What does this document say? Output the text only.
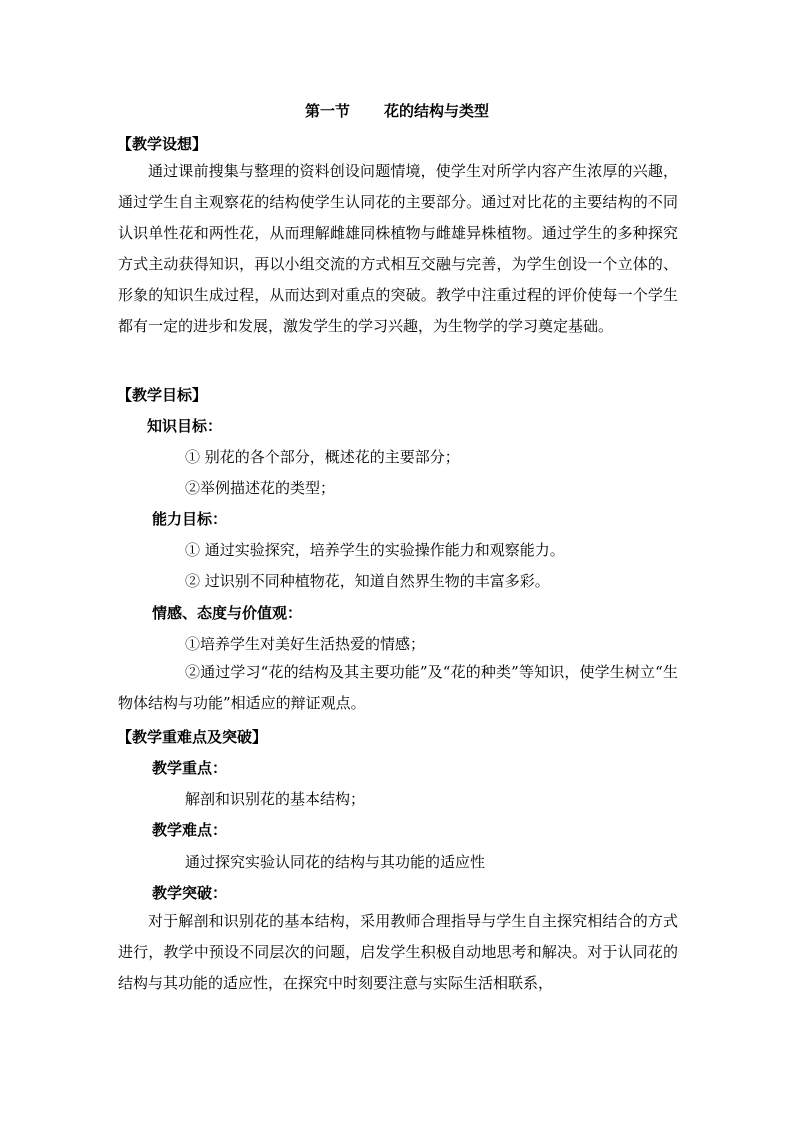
第一节 花的结构与类型
【教学设想】
通过课前搜集与整理的资料创设问题情境，使学生对所学内容产生浓厚的兴趣，通过学生自主观察花的结构使学生认同花的主要部分。通过对比花的主要结构的不同认识单性花和两性花，从而理解雌雄同株植物与雌雄异株植物。通过学生的多种探究方式主动获得知识，再以小组交流的方式相互交融与完善，为学生创设一个立体的、形象的知识生成过程，从而达到对重点的突破。教学中注重过程的评价使每一个学生都有一定的进步和发展，激发学生的学习兴趣，为生物学的学习奠定基础。
【教学目标】
知识目标：
① 别花的各个部分，概述花的主要部分；
②举例描述花的类型；
能力目标：
① 通过实验探究，培养学生的实验操作能力和观察能力。
② 过识别不同种植物花，知道自然界生物的丰富多彩。
情感、态度与价值观：
①培养学生对美好生活热爱的情感；
②通过学习“花的结构及其主要功能”及“花的种类”等知识，使学生树立“生物体结构与功能”相适应的辩证观点。
【教学重难点及突破】
教学重点：
解剖和识别花的基本结构；
教学难点：
通过探究实验认同花的结构与其功能的适应性
教学突破：
对于解剖和识别花的基本结构，采用教师合理指导与学生自主探究相结合的方式进行，教学中预设不同层次的问题，启发学生积极自动地思考和解决。对于认同花的结构与其功能的适应性，在探究中时刻要注意与实际生活相联系，
